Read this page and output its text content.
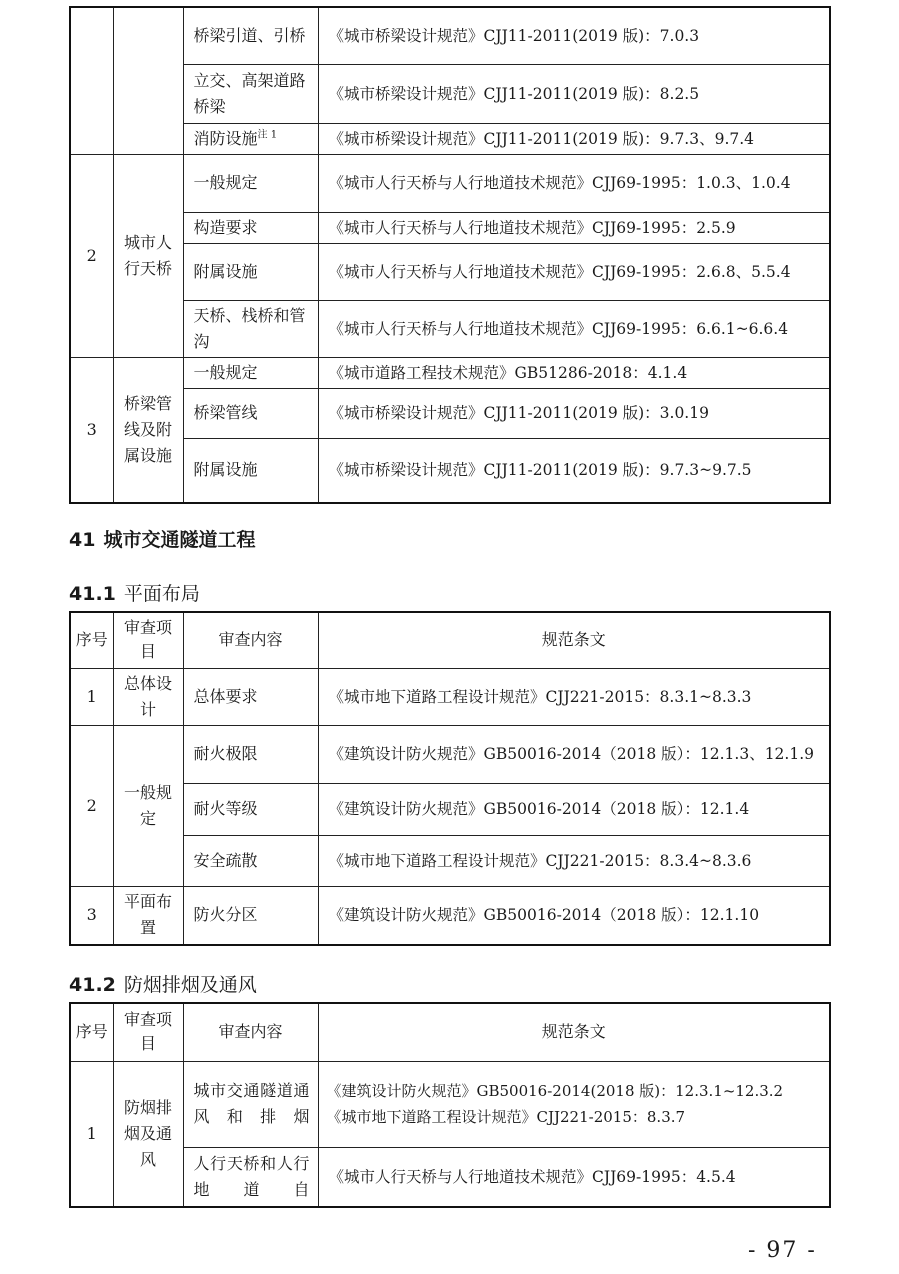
		桥梁引道、引桥	《城市桥梁设计规范》CJJ11-2011(2019 版)：7.0.3
		立交、高架道路桥梁	《城市桥梁设计规范》CJJ11-2011(2019 版)：8.2.5
		消防设施$^{注 1}$	《城市桥梁设计规范》CJJ11-2011(2019 版)：9.7.3、9.7.4
2	城市人行天桥	一般规定	《城市人行天桥与人行地道技术规范》CJJ69-1995：1.0.3、1.0.4
		构造要求	《城市人行天桥与人行地道技术规范》CJJ69-1995：2.5.9
		附属设施	《城市人行天桥与人行地道技术规范》CJJ69-1995：2.6.8、5.5.4
		天桥、栈桥和管沟	《城市人行天桥与人行地道技术规范》CJJ69-1995：6.6.1~6.6.4
3	桥梁管线及附属设施	一般规定	《城市道路工程技术规范》GB51286-2018：4.1.4
		桥梁管线	《城市桥梁设计规范》CJJ11-2011(2019 版)：3.0.19
		附属设施	《城市桥梁设计规范》CJJ11-2011(2019 版)：9.7.3~9.7.5
41 城市交通隧道工程
41.1 平面布局
序号	审查项目	审查内容	规范条文
1	总体设计	总体要求	《城市地下道路工程设计规范》CJJ221-2015：8.3.1~8.3.3
2	一般规定	耐火极限	《建筑设计防火规范》GB50016-2014（2018 版）：12.1.3、12.1.9
		耐火等级	《建筑设计防火规范》GB50016-2014（2018 版）：12.1.4
		安全疏散	《城市地下道路工程设计规范》CJJ221-2015：8.3.4~8.3.6
3	平面布置	防火分区	《建筑设计防火规范》GB50016-2014（2018 版）：12.1.10
41.2 防烟排烟及通风
序号	审查项目	审查内容	规范条文
1	防烟排烟及通风	城市交通隧道通风和排烟	《建筑设计防火规范》GB50016-2014(2018 版)：12.3.1~12.3.2
《城市地下道路工程设计规范》CJJ221-2015：8.3.7

		人行天桥和人行地道自	《城市人行天桥与人行地道技术规范》CJJ69-1995：4.5.4
- 97 -
